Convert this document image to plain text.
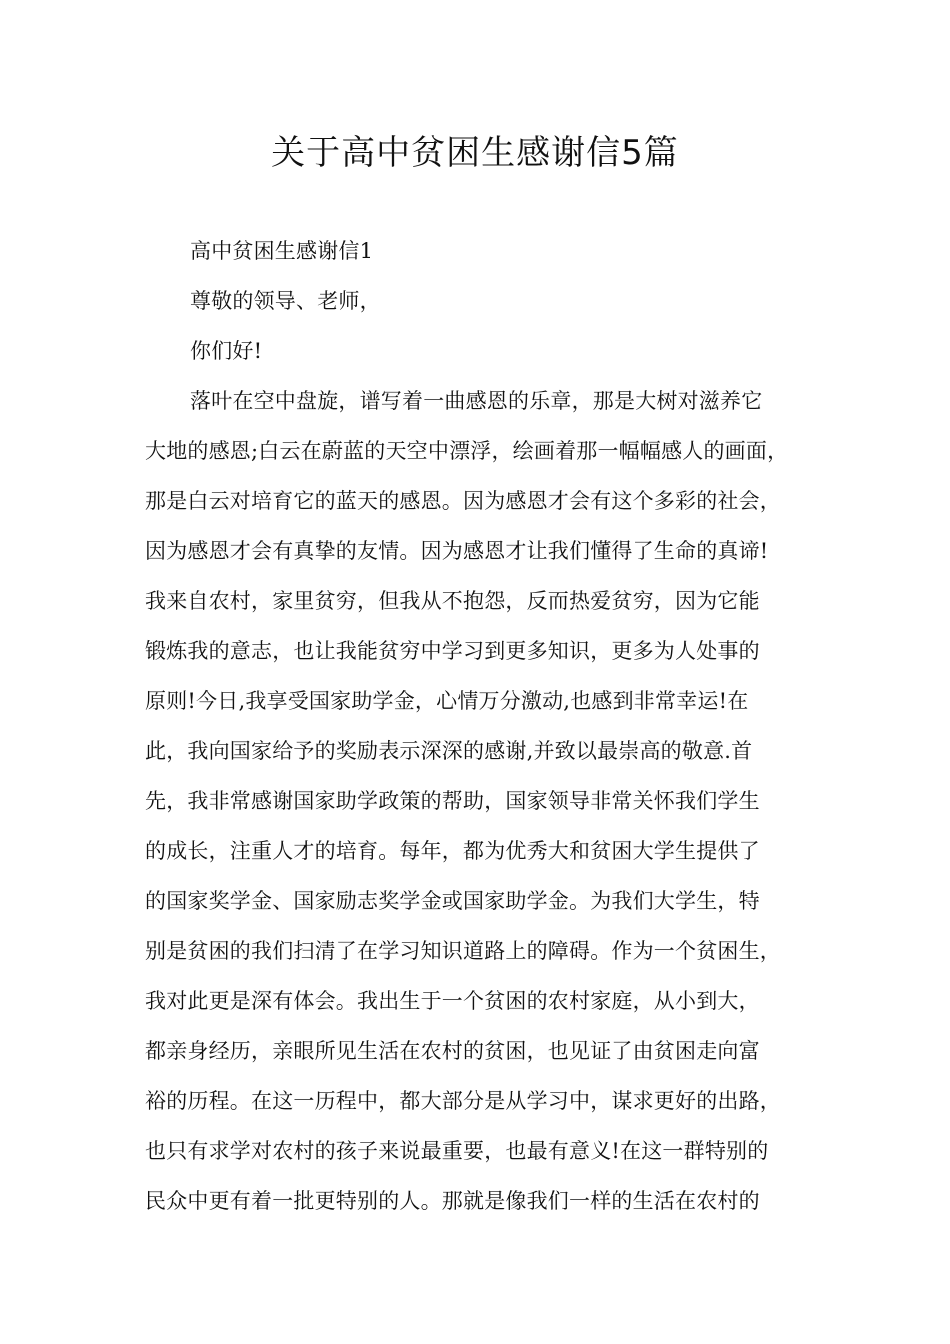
关于高中贫困生感谢信5篇
高中贫困生感谢信1
尊敬的领导、老师，
你们好!
落叶在空中盘旋，谱写着一曲感恩的乐章，那是大树对滋养它
大地的感恩;白云在蔚蓝的天空中漂浮，绘画着那一幅幅感人的画面，
那是白云对培育它的蓝天的感恩。因为感恩才会有这个多彩的社会，
因为感恩才会有真挚的友情。因为感恩才让我们懂得了生命的真谛!
我来自农村，家里贫穷，但我从不抱怨，反而热爱贫穷，因为它能
锻炼我的意志，也让我能贫穷中学习到更多知识，更多为人处事的
原则!今日,我享受国家助学金，心情万分激动,也感到非常幸运!在
此，我向国家给予的奖励表示深深的感谢,并致以最崇高的敬意.首
先，我非常感谢国家助学政策的帮助，国家领导非常关怀我们学生
的成长，注重人才的培育。每年，都为优秀大和贫困大学生提供了
的国家奖学金、国家励志奖学金或国家助学金。为我们大学生，特
别是贫困的我们扫清了在学习知识道路上的障碍。作为一个贫困生，
我对此更是深有体会。我出生于一个贫困的农村家庭，从小到大，
都亲身经历，亲眼所见生活在农村的贫困，也见证了由贫困走向富
裕的历程。在这一历程中，都大部分是从学习中，谋求更好的出路，
也只有求学对农村的孩子来说最重要，也最有意义!在这一群特别的
民众中更有着一批更特别的人。那就是像我们一样的生活在农村的
